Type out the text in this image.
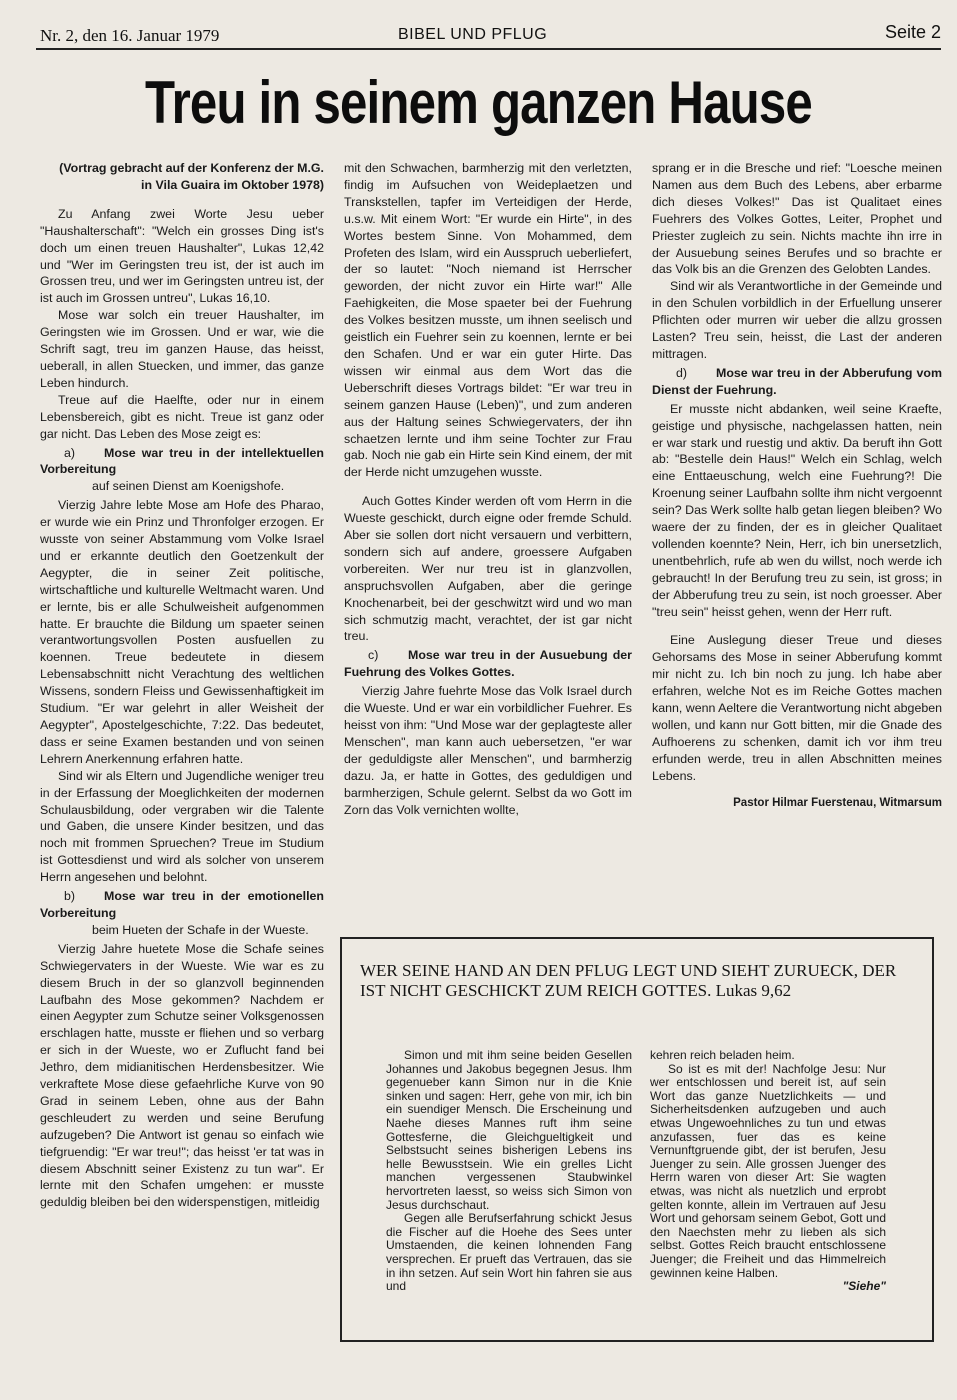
Nr. 2, den 16. Januar 1979	BIBEL UND PFLUG	Seite 2
Treu in seinem ganzen Hause

(Vortrag gebracht auf der Konferenz der M.G. in Vila Guaira im Oktober 1978)

Zu Anfang zwei Worte Jesu ueber "Haushalterschaft": "Welch ein grosses Ding ist's doch um einen treuen Haushalter", Lukas 12,42 und "Wer im Geringsten treu ist, der ist auch im Grossen treu, und wer im Geringsten untreu ist, der ist auch im Grossen untreu", Lukas 16,10.

Mose war solch ein treuer Haushalter, im Geringsten wie im Grossen. Und er war, wie die Schrift sagt, treu im ganzen Hause, das heisst, ueberall, in allen Stuecken, und immer, das ganze Leben hindurch.

Treue auf die Haelfte, oder nur in einem Lebensbereich, gibt es nicht. Treue ist ganz oder gar nicht. Das Leben des Mose zeigt es:

a) Mose war treu in der intellektuellen Vorbereitung
auf seinen Dienst am Koenigshofe.

Vierzig Jahre lebte Mose am Hofe des Pharao, er wurde wie ein Prinz und Thronfolger erzogen. Er wusste von seiner Abstammung vom Volke Israel und er erkannte deutlich den Goetzenkult der Aegypter, die in seiner Zeit politische, wirtschaftliche und kulturelle Weltmacht waren. Und er lernte, bis er alle Schulweisheit aufgenommen hatte. Er brauchte die Bildung um spaeter seinen verantwortungsvollen Posten ausfuellen zu koennen. Treue bedeutete in diesem Lebensabschnitt nicht Verachtung des weltlichen Wissens, sondern Fleiss und Gewissenhaftigkeit im Studium. "Er war gelehrt in aller Weisheit der Aegypter", Apostelgeschichte, 7:22. Das bedeutet, dass er seine Examen bestanden und von seinen Lehrern Anerkennung erfahren hatte.

Sind wir als Eltern und Jugendliche weniger treu in der Erfassung der Moeglichkeiten der modernen Schulausbildung, oder vergraben wir die Talente und Gaben, die unsere Kinder besitzen, und das noch mit frommen Spruechen? Treue im Studium ist Gottesdienst und wird als solcher von unserem Herrn angesehen und belohnt.

b) Mose war treu in der emotionellen Vorbereitung
beim Hueten der Schafe in der Wueste.

Vierzig Jahre huetete Mose die Schafe seines Schwiegervaters in der Wueste. Wie war es zu diesem Bruch in der so glanzvoll beginnenden Laufbahn des Mose gekommen? Nachdem er einen Aegypter zum Schutze seiner Volksgenossen erschlagen hatte, musste er fliehen und so verbarg er sich in der Wueste, wo er Zuflucht fand bei Jethro, dem midianitischen Herdensbesitzer. Wie verkraftete Mose diese gefaehrliche Kurve von 90 Grad in seinem Leben, ohne aus der Bahn geschleudert zu werden und seine Berufung aufzugeben? Die Antwort ist genau so einfach wie tiefgruendig: "Er war treu!"; das heisst 'er tat was in diesem Abschnitt seiner Existenz zu tun war". Er lernte mit den Schafen umgehen: er musste geduldig bleiben bei den widerspenstigen, mitleidig

mit den Schwachen, barmherzig mit den verletzten, findig im Aufsuchen von Weideplaetzen und Transkstellen, tapfer im Verteidigen der Herde, u.s.w. Mit einem Wort: "Er wurde ein Hirte", in des Wortes bestem Sinne. Von Mohammed, dem Profeten des Islam, wird ein Ausspruch ueberliefert, der so lautet: "Noch niemand ist Herrscher geworden, der nicht zuvor ein Hirte war!" Alle Faehigkeiten, die Mose spaeter bei der Fuehrung des Volkes besitzen musste, um ihnen seelisch und geistlich ein Fuehrer sein zu koennen, lernte er bei den Schafen. Und er war ein guter Hirte. Das wissen wir einmal aus dem Wort das die Ueberschrift dieses Vortrags bildet: "Er war treu in seinem ganzen Hause (Leben)", und zum anderen aus der Haltung seines Schwiegervaters, der ihn schaetzen lernte und ihm seine Tochter zur Frau gab. Noch nie gab ein Hirte sein Kind einem, der mit der Herde nicht umzugehen wusste.

Auch Gottes Kinder werden oft vom Herrn in die Wueste geschickt, durch eigne oder fremde Schuld. Aber sie sollen dort nicht versauern und verbittern, sondern sich auf andere, groessere Aufgaben vorbereiten. Wer nur treu ist in glanzvollen, anspruchsvollen Aufgaben, aber die geringe Knochenarbeit, bei der geschwitzt wird und wo man sich schmutzig macht, verachtet, der ist gar nicht treu.

c) Mose war treu in der Ausuebung der Fuehrung des Volkes Gottes.

Vierzig Jahre fuehrte Mose das Volk Israel durch die Wueste. Und er war ein vorbildlicher Fuehrer. Es heisst von ihm: "Und Mose war der geplagteste aller Menschen", man kann auch uebersetzen, "er war der geduldigste aller Menschen", und barmherzig dazu. Ja, er hatte in Gottes, des geduldigen und barmherzigen, Schule gelernt. Selbst da wo Gott im Zorn das Volk vernichten wollte,

sprang er in die Bresche und rief: "Loesche meinen Namen aus dem Buch des Lebens, aber erbarme dich dieses Volkes!" Das ist Qualitaet eines Fuehrers des Volkes Gottes, Leiter, Prophet und Priester zugleich zu sein. Nichts machte ihn irre in der Ausuebung seines Berufes und so brachte er das Volk bis an die Grenzen des Gelobten Landes.

Sind wir als Verantwortliche in der Gemeinde und in den Schulen vorbildlich in der Erfuellung unserer Pflichten oder murren wir ueber die allzu grossen Lasten? Treu sein, heisst, die Last der anderen mittragen.

d) Mose war treu in der Abberufung vom Dienst der Fuehrung.

Er musste nicht abdanken, weil seine Kraefte, geistige und physische, nachgelassen hatten, nein er war stark und ruestig und aktiv. Da beruft ihn Gott ab: "Bestelle dein Haus!" Welch ein Schlag, welch eine Enttaeuschung, welch eine Fuehrung?! Die Kroenung seiner Laufbahn sollte ihm nicht vergoennt sein? Das Werk sollte halb getan liegen bleiben? Wo waere der zu finden, der es in gleicher Qualitaet vollenden koennte? Nein, Herr, ich bin unersetzlich, unentbehrlich, rufe ab wen du willst, noch werde ich gebraucht! In der Berufung treu zu sein, ist gross; in der Abberufung treu zu sein, ist noch groesser. Aber "treu sein" heisst gehen, wenn der Herr ruft.

Eine Auslegung dieser Treue und dieses Gehorsams des Mose in seiner Abberufung kommt mir nicht zu. Ich bin noch zu jung. Ich habe aber erfahren, welche Not es im Reiche Gottes machen kann, wenn Aeltere die Verantwortung nicht abgeben wollen, und kann nur Gott bitten, mir die Gnade des Aufhoerens zu schenken, damit ich vor ihm treu erfunden werde, treu in allen Abschnitten meines Lebens.

Pastor Hilmar Fuerstenau, Witmarsum
WER SEINE HAND AN DEN PFLUG LEGT UND SIEHT ZURUECK, DER IST NICHT GESCHICKT ZUM REICH GOTTES. Lukas 9,62

Simon und mit ihm seine beiden Gesellen Johannes und Jakobus begegnen Jesus. Ihm gegenueber kann Simon nur in die Knie sinken und sagen: Herr, gehe von mir, ich bin ein suendiger Mensch. Die Erscheinung und Naehe dieses Mannes ruft ihm seine Gottesferne, die Gleichgueltigkeit und Selbstsucht seines bisherigen Lebens ins helle Bewusstsein. Wie ein grelles Licht manchen vergessenen Staubwinkel hervortreten laesst, so weiss sich Simon von Jesus durchschaut.

Gegen alle Berufserfahrung schickt Jesus die Fischer auf die Hoehe des Sees unter Umstaenden, die keinen lohnenden Fang versprechen. Er prueft das Vertrauen, das sie in ihn setzen. Auf sein Wort hin fahren sie aus und

kehren reich beladen heim.

So ist es mit der! Nachfolge Jesu: Nur wer entschlossen und bereit ist, auf sein Wort das ganze Nuetzlichkeits — und Sicherheitsdenken aufzugeben und auch etwas Ungewoehnliches zu tun und etwas anzufassen, fuer das es keine Vernunftgruende gibt, der ist berufen, Jesu Juenger zu sein. Alle grossen Juenger des Herrn waren von dieser Art: Sie wagten etwas, was nicht als nuetzlich und erprobt gelten konnte, allein im Vertrauen auf Jesu Wort und gehorsam seinem Gebot, Gott und den Naechsten mehr zu lieben als sich selbst. Gottes Reich braucht entschlossene Juenger; die Freiheit und das Himmelreich gewinnen keine Halben.

"Siehe"
